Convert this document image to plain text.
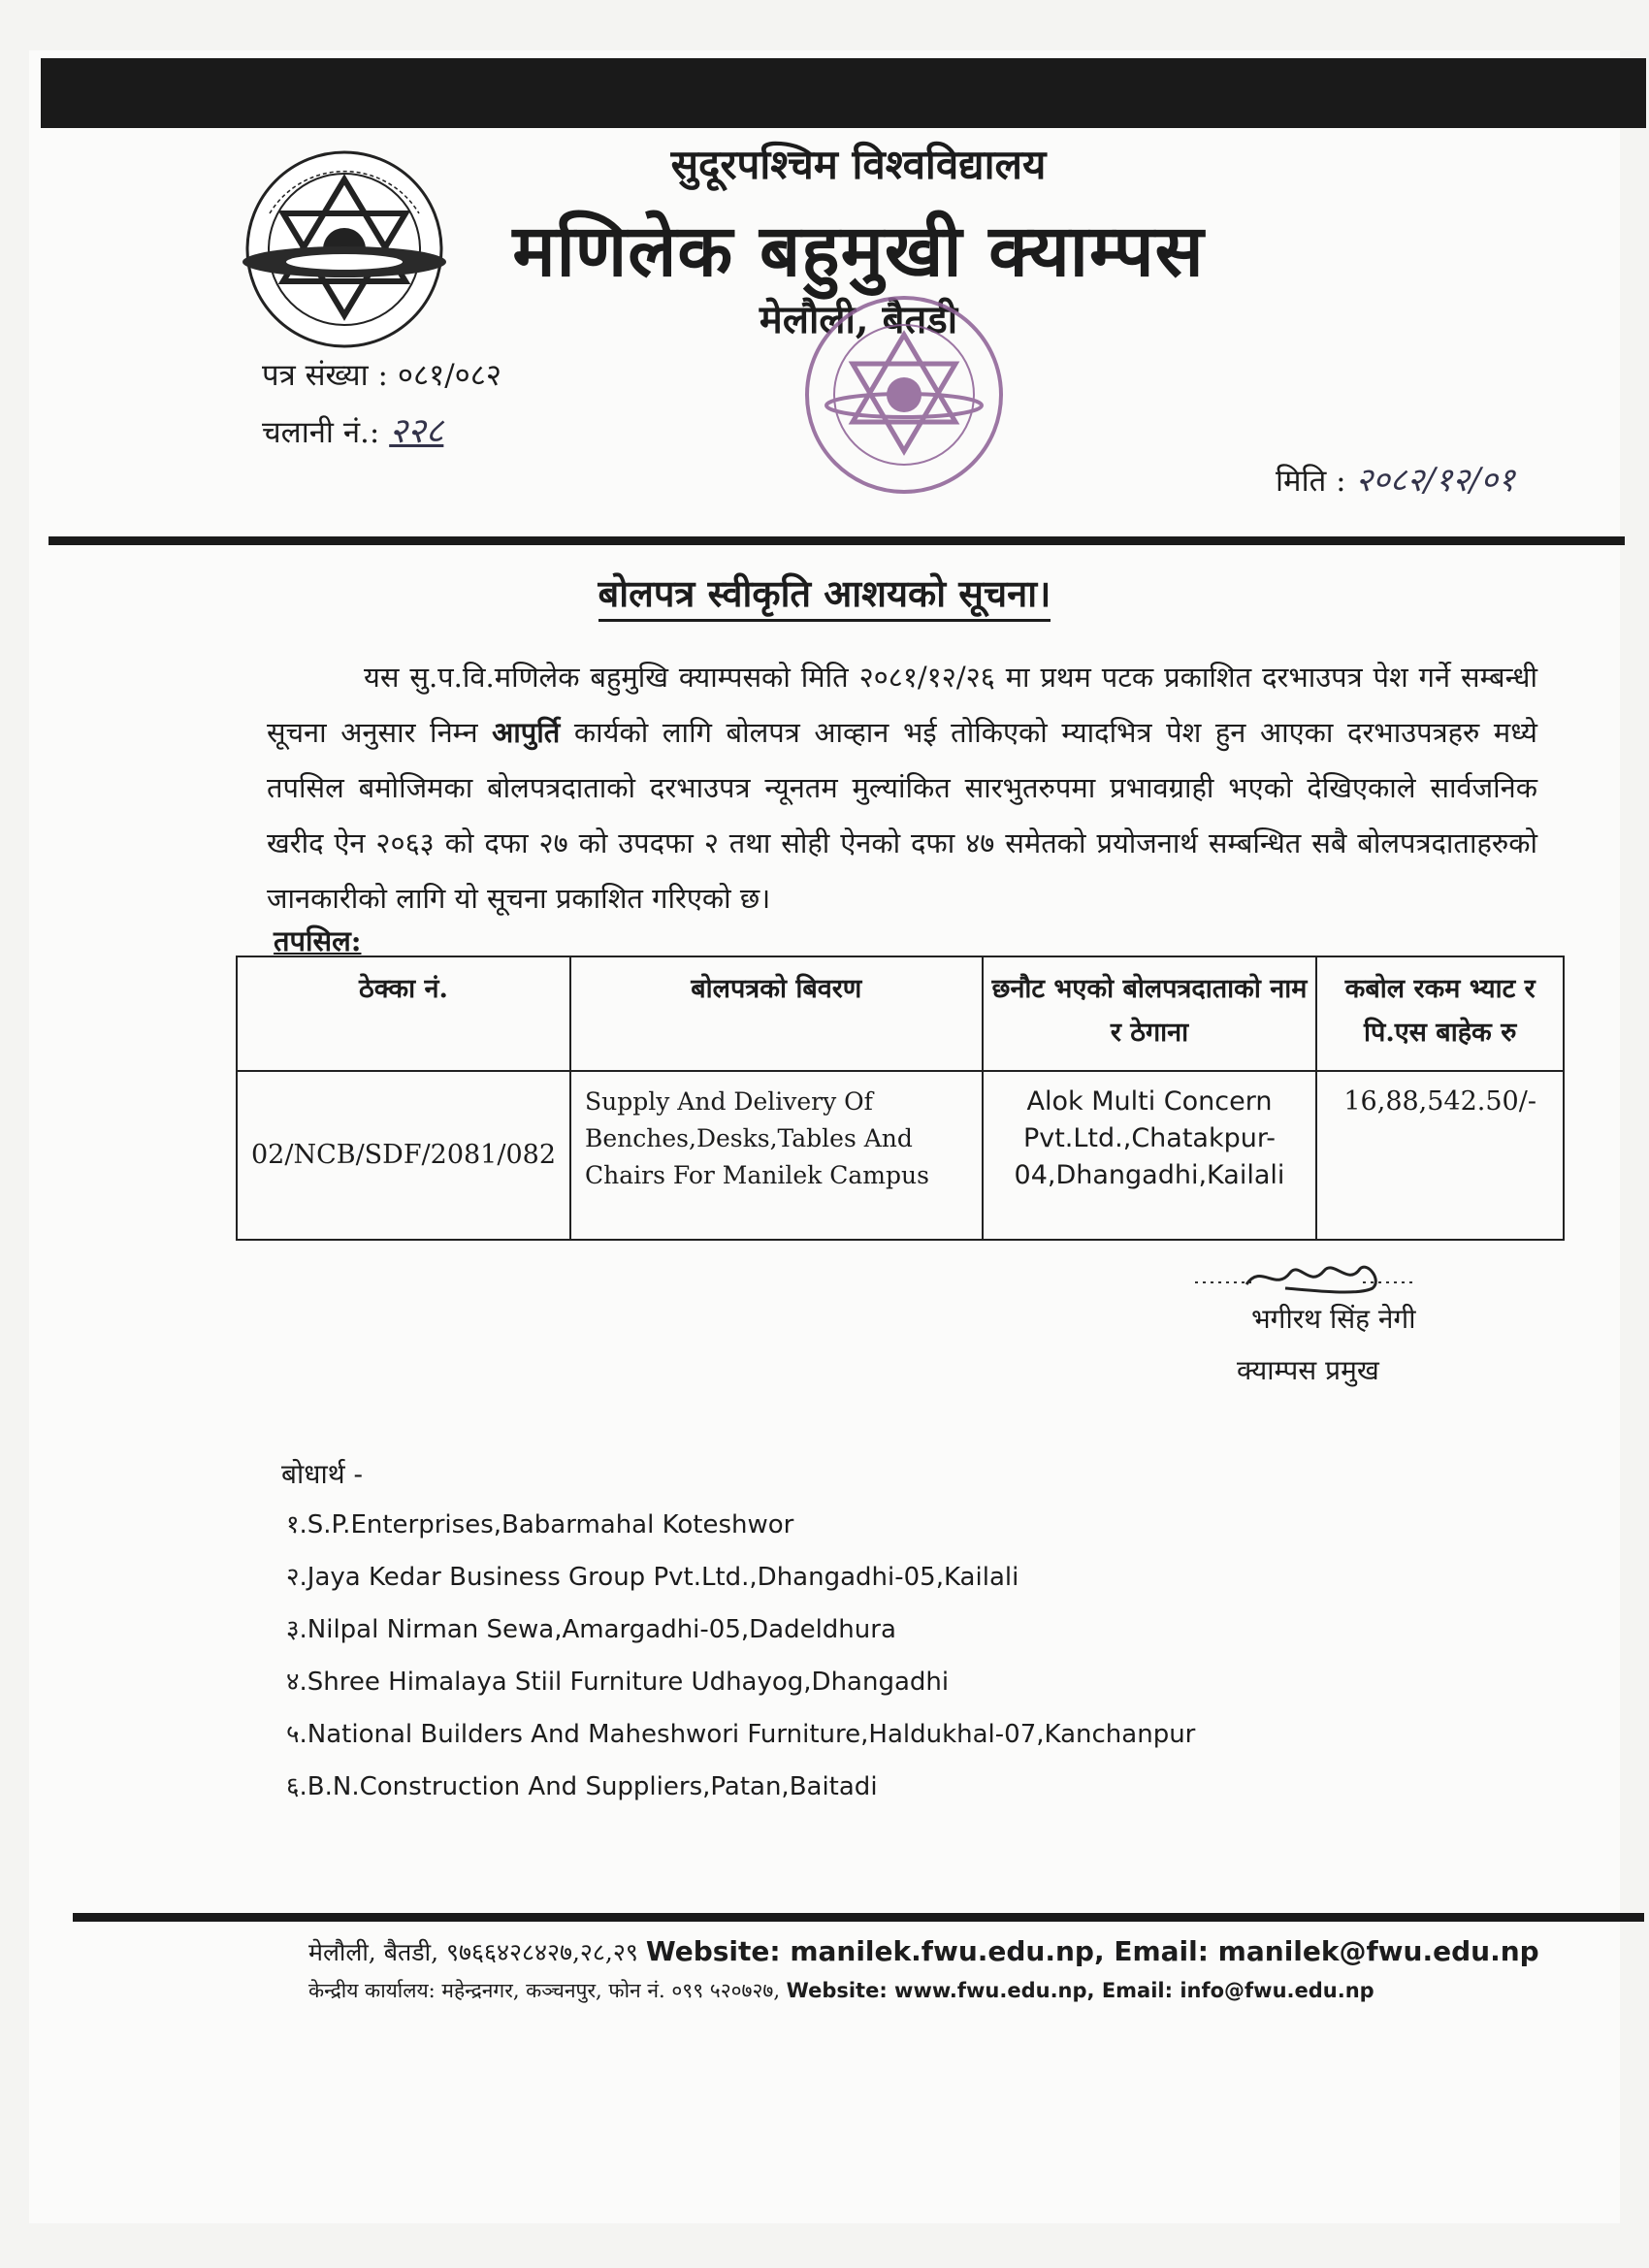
सुदूरपश्चिम विश्वविद्यालय
मणिलेक बहुमुखी क्याम्पस
मेलौली, बैतडी
पत्र संख्या : ०८१/०८२
चलानी नं.: २२८
मिति : २०८२/१२/०१
बोलपत्र स्वीकृति आशयको सूचना।
यस सु.प.वि.मणिलेक बहुमुखि क्याम्पसको मिति २०८१/१२/२६ मा प्रथम पटक प्रकाशित दरभाउपत्र पेश गर्ने सम्बन्धी सूचना अनुसार निम्न आपुर्ति कार्यको लागि बोलपत्र आव्हान भई तोकिएको म्यादभित्र पेश हुन आएका दरभाउपत्रहरु मध्ये तपसिल बमोजिमका बोलपत्रदाताको दरभाउपत्र न्यूनतम मुल्यांकित सारभुतरुपमा प्रभावग्राही भएको देखिएकाले सार्वजनिक खरीद ऐन २०६३ को दफा २७ को उपदफा २ तथा सोही ऐनको दफा ४७ समेतको प्रयोजनार्थ सम्बन्धित सबै बोलपत्रदाताहरुको जानकारीको लागि यो सूचना प्रकाशित गरिएको छ।
तपसिल:
ठेक्का नं.	बोलपत्रको बिवरण	छनौट भएको बोलपत्रदाताको नाम र ठेगाना	कबोल रकम भ्याट र पि.एस बाहेक रु
02/NCB/SDF/2081/082	Supply And Delivery Of Benches,Desks,Tables And Chairs For Manilek Campus	Alok Multi Concern Pvt.Ltd.,Chatakpur-04,Dhangadhi,Kailali	16,88,542.50/-
भगीरथ सिंह नेगी
क्याम्पस प्रमुख
बोधार्थ -
१.S.P.Enterprises,Babarmahal Koteshwor
२.Jaya Kedar Business Group Pvt.Ltd.,Dhangadhi-05,Kailali
३.Nilpal Nirman Sewa,Amargadhi-05,Dadeldhura
४.Shree Himalaya Stiil Furniture Udhayog,Dhangadhi
५.National Builders And Maheshwori Furniture,Haldukhal-07,Kanchanpur
६.B.N.Construction And Suppliers,Patan,Baitadi
मेलौली, बैतडी, ९७६६४२८४२७,२८,२९ Website: manilek.fwu.edu.np, Email: manilek@fwu.edu.np
केन्द्रीय कार्यालय: महेन्द्रनगर, कञ्चनपुर, फोन नं. ०९९ ५२०७२७, Website: www.fwu.edu.np, Email: info@fwu.edu.np
